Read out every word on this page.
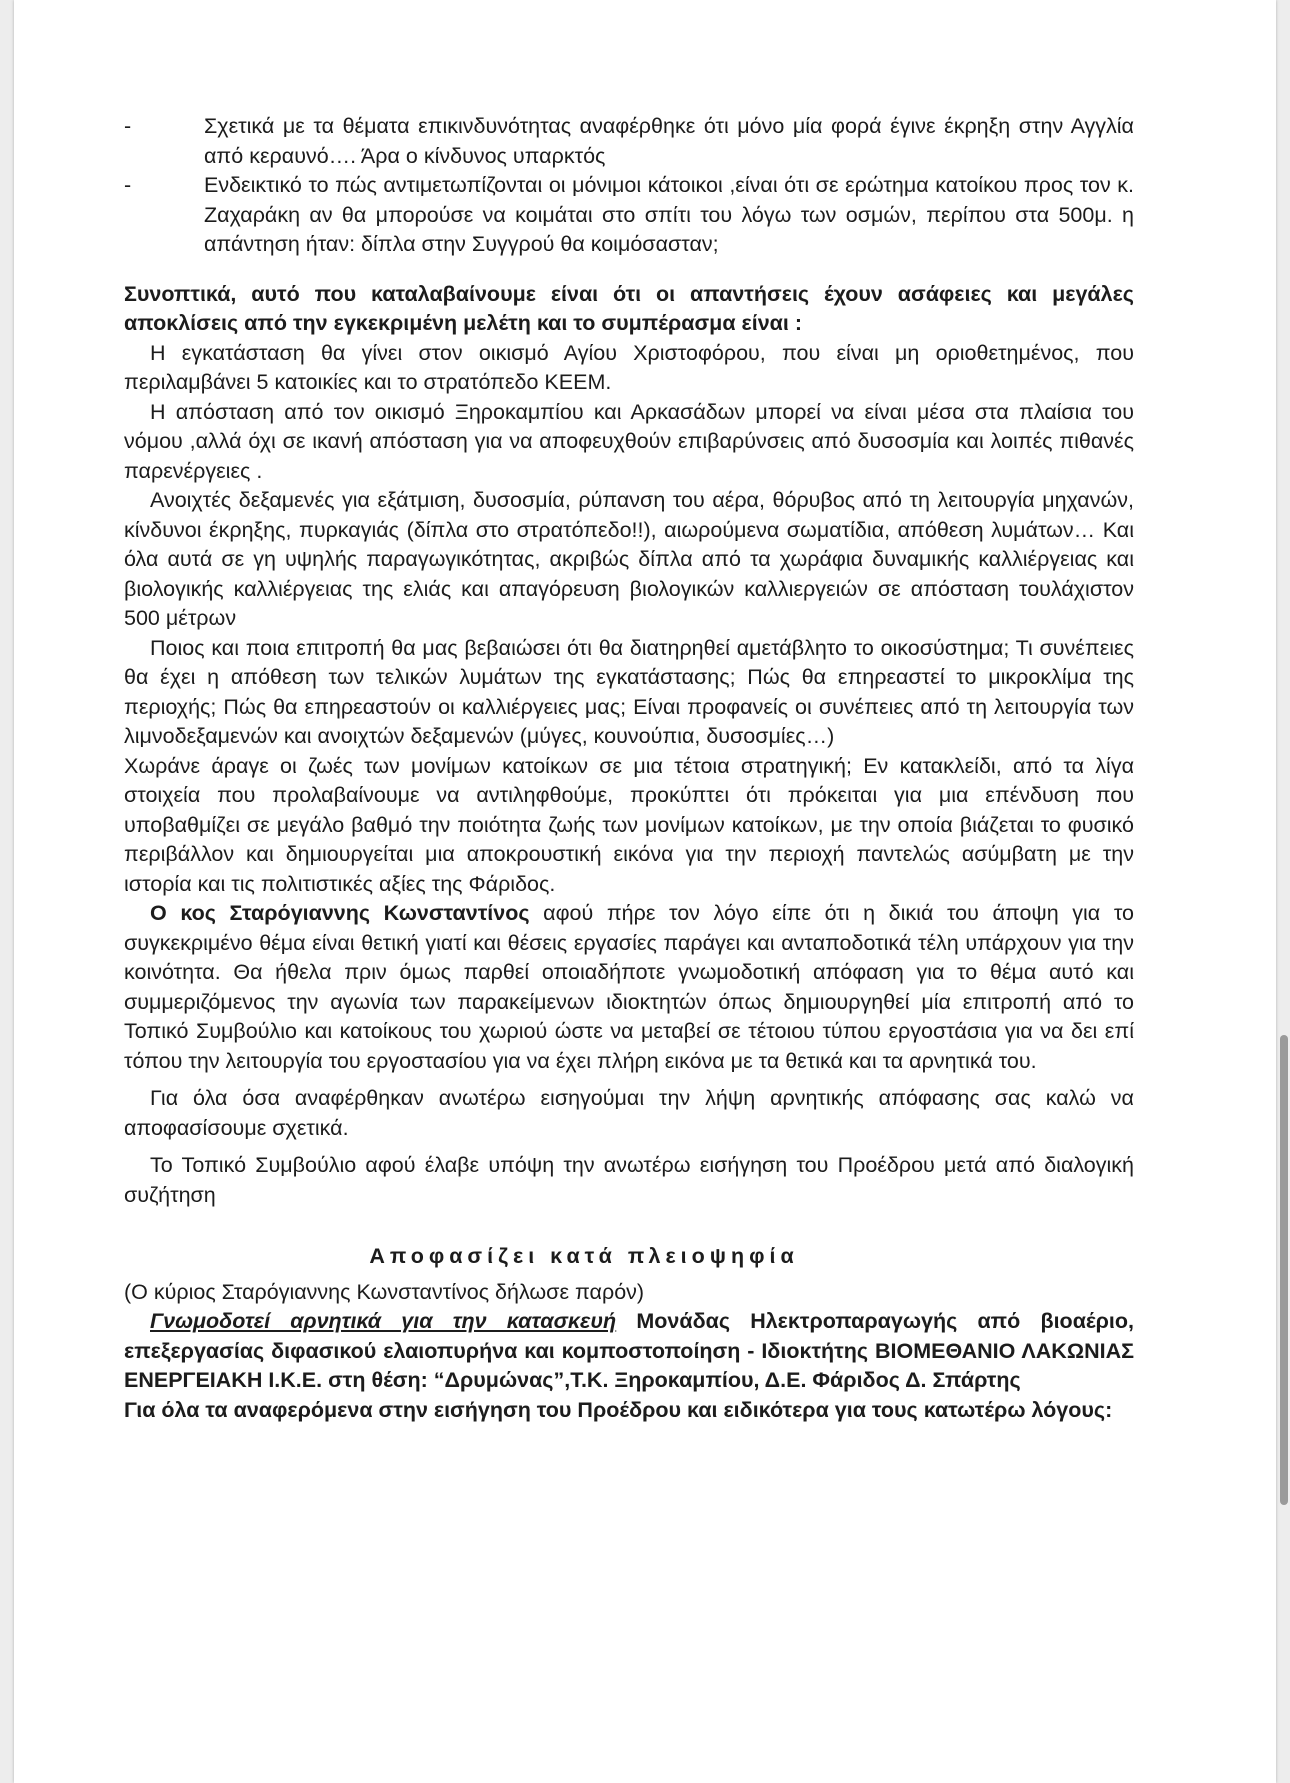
-	Σχετικά με τα θέματα επικινδυνότητας αναφέρθηκε ότι μόνο μία φορά έγινε έκρηξη στην Αγγλία από κεραυνό…. Άρα ο κίνδυνος υπαρκτός
-	Ενδεικτικό το πώς αντιμετωπίζονται οι μόνιμοι κάτοικοι ,είναι ότι σε ερώτημα κατοίκου προς τον κ. Ζαχαράκη αν θα μπορούσε να κοιμάται στο σπίτι του λόγω των οσμών, περίπου στα 500μ. η απάντηση ήταν: δίπλα στην Συγγρού θα κοιμόσασταν;
Συνοπτικά, αυτό που καταλαβαίνουμε είναι ότι οι απαντήσεις έχουν ασάφειες και μεγάλες αποκλίσεις από την εγκεκριμένη μελέτη και το συμπέρασμα είναι :
Η εγκατάσταση θα γίνει στον οικισμό Αγίου Χριστοφόρου, που είναι μη οριοθετημένος, που περιλαμβάνει 5 κατοικίες και το στρατόπεδο ΚΕΕΜ.
Η απόσταση από τον οικισμό Ξηροκαμπίου και Αρκασάδων μπορεί να είναι μέσα στα πλαίσια του νόμου ,αλλά όχι σε ικανή απόσταση για να αποφευχθούν επιβαρύνσεις από δυσοσμία και λοιπές πιθανές παρενέργειες .
Ανοιχτές δεξαμενές για εξάτμιση, δυσοσμία, ρύπανση του αέρα, θόρυβος από τη λειτουργία μηχανών, κίνδυνοι έκρηξης, πυρκαγιάς (δίπλα στο στρατόπεδο!!), αιωρούμενα σωματίδια, απόθεση λυμάτων… Και όλα αυτά σε γη υψηλής παραγωγικότητας, ακριβώς δίπλα από τα χωράφια δυναμικής καλλιέργειας και βιολογικής καλλιέργειας της ελιάς και απαγόρευση βιολογικών καλλιεργειών σε απόσταση τουλάχιστον 500 μέτρων
Ποιος και ποια επιτροπή θα μας βεβαιώσει ότι θα διατηρηθεί αμετάβλητο το οικοσύστημα; Τι συνέπειες θα έχει η απόθεση των τελικών λυμάτων της εγκατάστασης; Πώς θα επηρεαστεί το μικροκλίμα της περιοχής; Πώς θα επηρεαστούν οι καλλιέργειες μας; Είναι προφανείς οι συνέπειες από τη λειτουργία των λιμνοδεξαμενών και ανοιχτών δεξαμενών (μύγες, κουνούπια, δυσοσμίες…)
Χωράνε άραγε οι ζωές των μονίμων κατοίκων σε μια τέτοια στρατηγική; Εν κατακλείδι, από τα λίγα στοιχεία που προλαβαίνουμε να αντιληφθούμε, προκύπτει ότι πρόκειται για μια επένδυση που υποβαθμίζει σε μεγάλο βαθμό την ποιότητα ζωής των μονίμων κατοίκων, με την οποία βιάζεται το φυσικό περιβάλλον και δημιουργείται μια αποκρουστική εικόνα για την περιοχή παντελώς ασύμβατη με την ιστορία και τις πολιτιστικές αξίες της Φάριδος.
Ο κος Σταρόγιαννης Κωνσταντίνος αφού πήρε τον λόγο είπε ότι η δικιά του άποψη για το συγκεκριμένο θέμα είναι θετική γιατί και θέσεις εργασίες παράγει και ανταποδοτικά τέλη υπάρχουν για την κοινότητα. Θα ήθελα πριν όμως παρθεί οποιαδήποτε γνωμοδοτική απόφαση για το θέμα αυτό και συμμεριζόμενος την αγωνία των παρακείμενων ιδιοκτητών όπως δημιουργηθεί μία επιτροπή από το Τοπικό Συμβούλιο και κατοίκους του χωριού ώστε να μεταβεί σε τέτοιου τύπου εργοστάσια για να δει επί τόπου την λειτουργία του εργοστασίου για να έχει πλήρη εικόνα με τα θετικά και τα αρνητικά του.
Για όλα όσα αναφέρθηκαν ανωτέρω εισηγούμαι την λήψη αρνητικής απόφασης σας καλώ να αποφασίσουμε σχετικά.
Το Τοπικό Συμβούλιο αφού έλαβε υπόψη την ανωτέρω εισήγηση του Προέδρου μετά από διαλογική συζήτηση
Αποφασίζει κατά πλειοψηφία
(Ο κύριος Σταρόγιαννης Κωνσταντίνος δήλωσε παρόν)
Γνωμοδοτεί αρνητικά για την κατασκευή Μονάδας Ηλεκτροπαραγωγής από βιοαέριο, επεξεργασίας διφασικού ελαιοπυρήνα και κομποστοποίηση - Ιδιοκτήτης ΒΙΟΜΕΘΑΝΙΟ ΛΑΚΩΝΙΑΣ ΕΝΕΡΓΕΙΑΚΗ Ι.Κ.Ε. στη θέση: “Δρυμώνας”,Τ.Κ. Ξηροκαμπίου, Δ.Ε. Φάριδος Δ. Σπάρτης
Για όλα τα αναφερόμενα στην εισήγηση του Προέδρου και ειδικότερα για τους κατωτέρω λόγους:
